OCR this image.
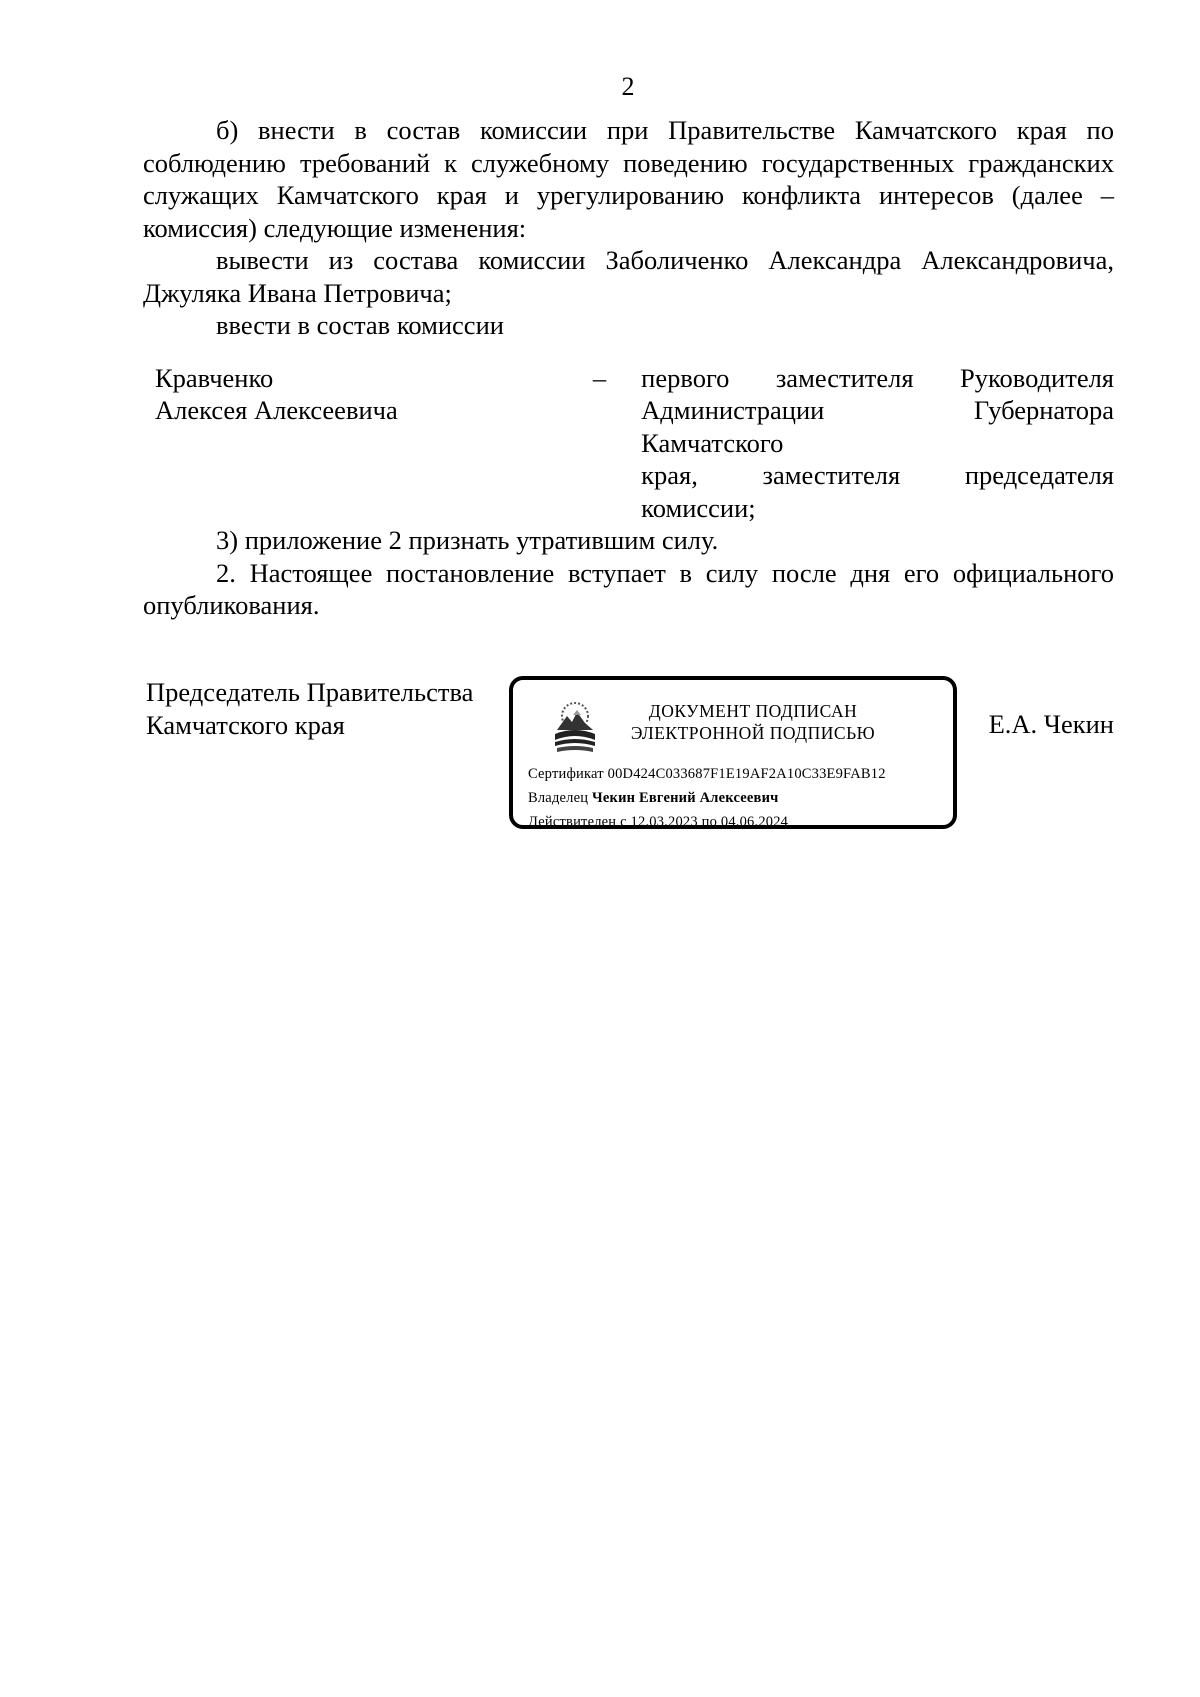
2

б) внести в состав комиссии при Правительстве Камчатского края по соблюдению требований к служебному поведению государственных гражданских служащих Камчатского края и урегулированию конфликта интересов (далее – комиссия) следующие изменения:

вывести из состава комиссии Заболиченко Александра Александровича, Джуляка Ивана Петровича;

ввести в состав комиссии

Кравченко
Алексея Алексеевича
–	первого заместителя Руководителя
Администрации Губернатора Камчатского
края, заместителя председателя комиссии;

3) приложение 2 признать утратившим силу.

2. Настоящее постановление вступает в силу после дня его официального опубликования.

Председатель Правительства
Камчатского края	ДОКУМЕНТ ПОДПИСАН
ЭЛЕКТРОННОЙ ПОДПИСЬЮ
Сертификат 00D424C033687F1E19AF2A10C33E9FAB12
Владелец Чекин Евгений Алексеевич
Действителен с 12.03.2023 по 04.06.2024
Е.А. Чекин
